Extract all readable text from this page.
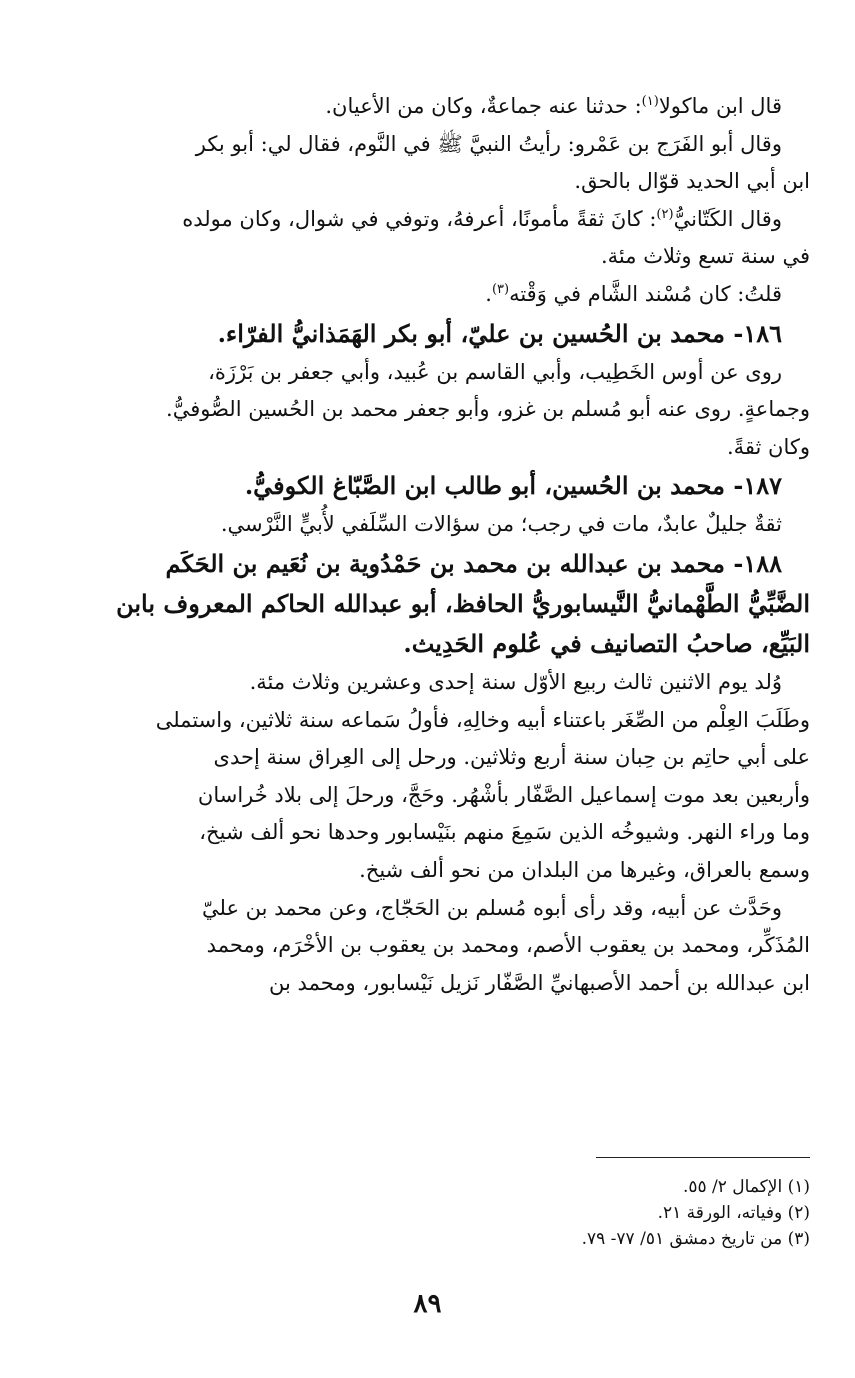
قال ابن ماكولا$^{(١)}$: حدثنا عنه جماعةٌ، وكان من الأعيان.

وقال أبو الفَرَج بن عَمْرو: رأيتُ النبيَّ ﷺ في النَّوم، فقال لي: أبو بكر

ابن أبي الحديد قوّال بالحق.

وقال الكَتّانيُّ$^{(٢)}$: كانَ ثقةً مأمونًا، أعرفهُ، وتوفي في شوال، وكان مولده

في سنة تسع وثلاث مئة.

قلتُ: كان مُسْند الشَّام في وَقْته$^{(٣)}$.

١٨٦- محمد بن الحُسين بن عليّ، أبو بكر الهَمَذانيُّ الفرّاء.

روى عن أوس الخَطِيب، وأبي القاسم بن عُبيد، وأبي جعفر بن بَرْزَة،

وجماعةٍ. روى عنه أبو مُسلم بن غزو، وأبو جعفر محمد بن الحُسين الصُّوفيُّ.

وكان ثقةً.

١٨٧- محمد بن الحُسين، أبو طالب ابن الصَّبّاغ الكوفيُّ.

ثقةٌ جليلٌ عابدٌ، مات في رجب؛ من سؤالات السِّلَفي لأُبيٍّ النَّرْسي.

١٨٨- محمد بن عبدالله بن محمد بن حَمْدُوية بن نُعَيم بن الحَكَم

الضَّبِّيُّ الطَّهْمانيُّ النَّيسابوريُّ الحافظ، أبو عبدالله الحاكم المعروف بابن

البَيِّع، صاحبُ التصانيف في عُلوم الحَدِيث.

وُلد يوم الاثنين ثالث ربيع الأوّل سنة إحدى وعشرين وثلاث مئة.

وطَلَبَ العِلْم من الصِّغَر باعتناء أبيه وخالِهِ، فأولُ سَماعه سنة ثلاثين، واستملى

على أبي حاتِم بن حِبان سنة أربع وثلاثين. ورحل إلى العِراق سنة إحدى

وأربعين بعد موت إسماعيل الصَّفّار بأشْهُر. وحَجَّ، ورحلَ إلى بلاد خُراسان

وما وراء النهر. وشيوخُه الذين سَمِعَ منهم بنَيْسابور وحدها نحو ألف شيخ،

وسمع بالعراق، وغيرها من البلدان من نحو ألف شيخ.

وحَدَّث عن أبيه، وقد رأى أبوه مُسلم بن الحَجّاج، وعن محمد بن عليّ

المُذَكِّر، ومحمد بن يعقوب الأصم، ومحمد بن يعقوب بن الأخْرَم، ومحمد

ابن عبدالله بن أحمد الأصبهانيِّ الصَّفّار نَزيل نَيْسابور، ومحمد بن

(١) الإكمال ٢/ ٥٥.

(٢) وفياته، الورقة ٢١.

(٣) من تاريخ دمشق ٥١/ ٧٧- ٧٩.

٨٩
